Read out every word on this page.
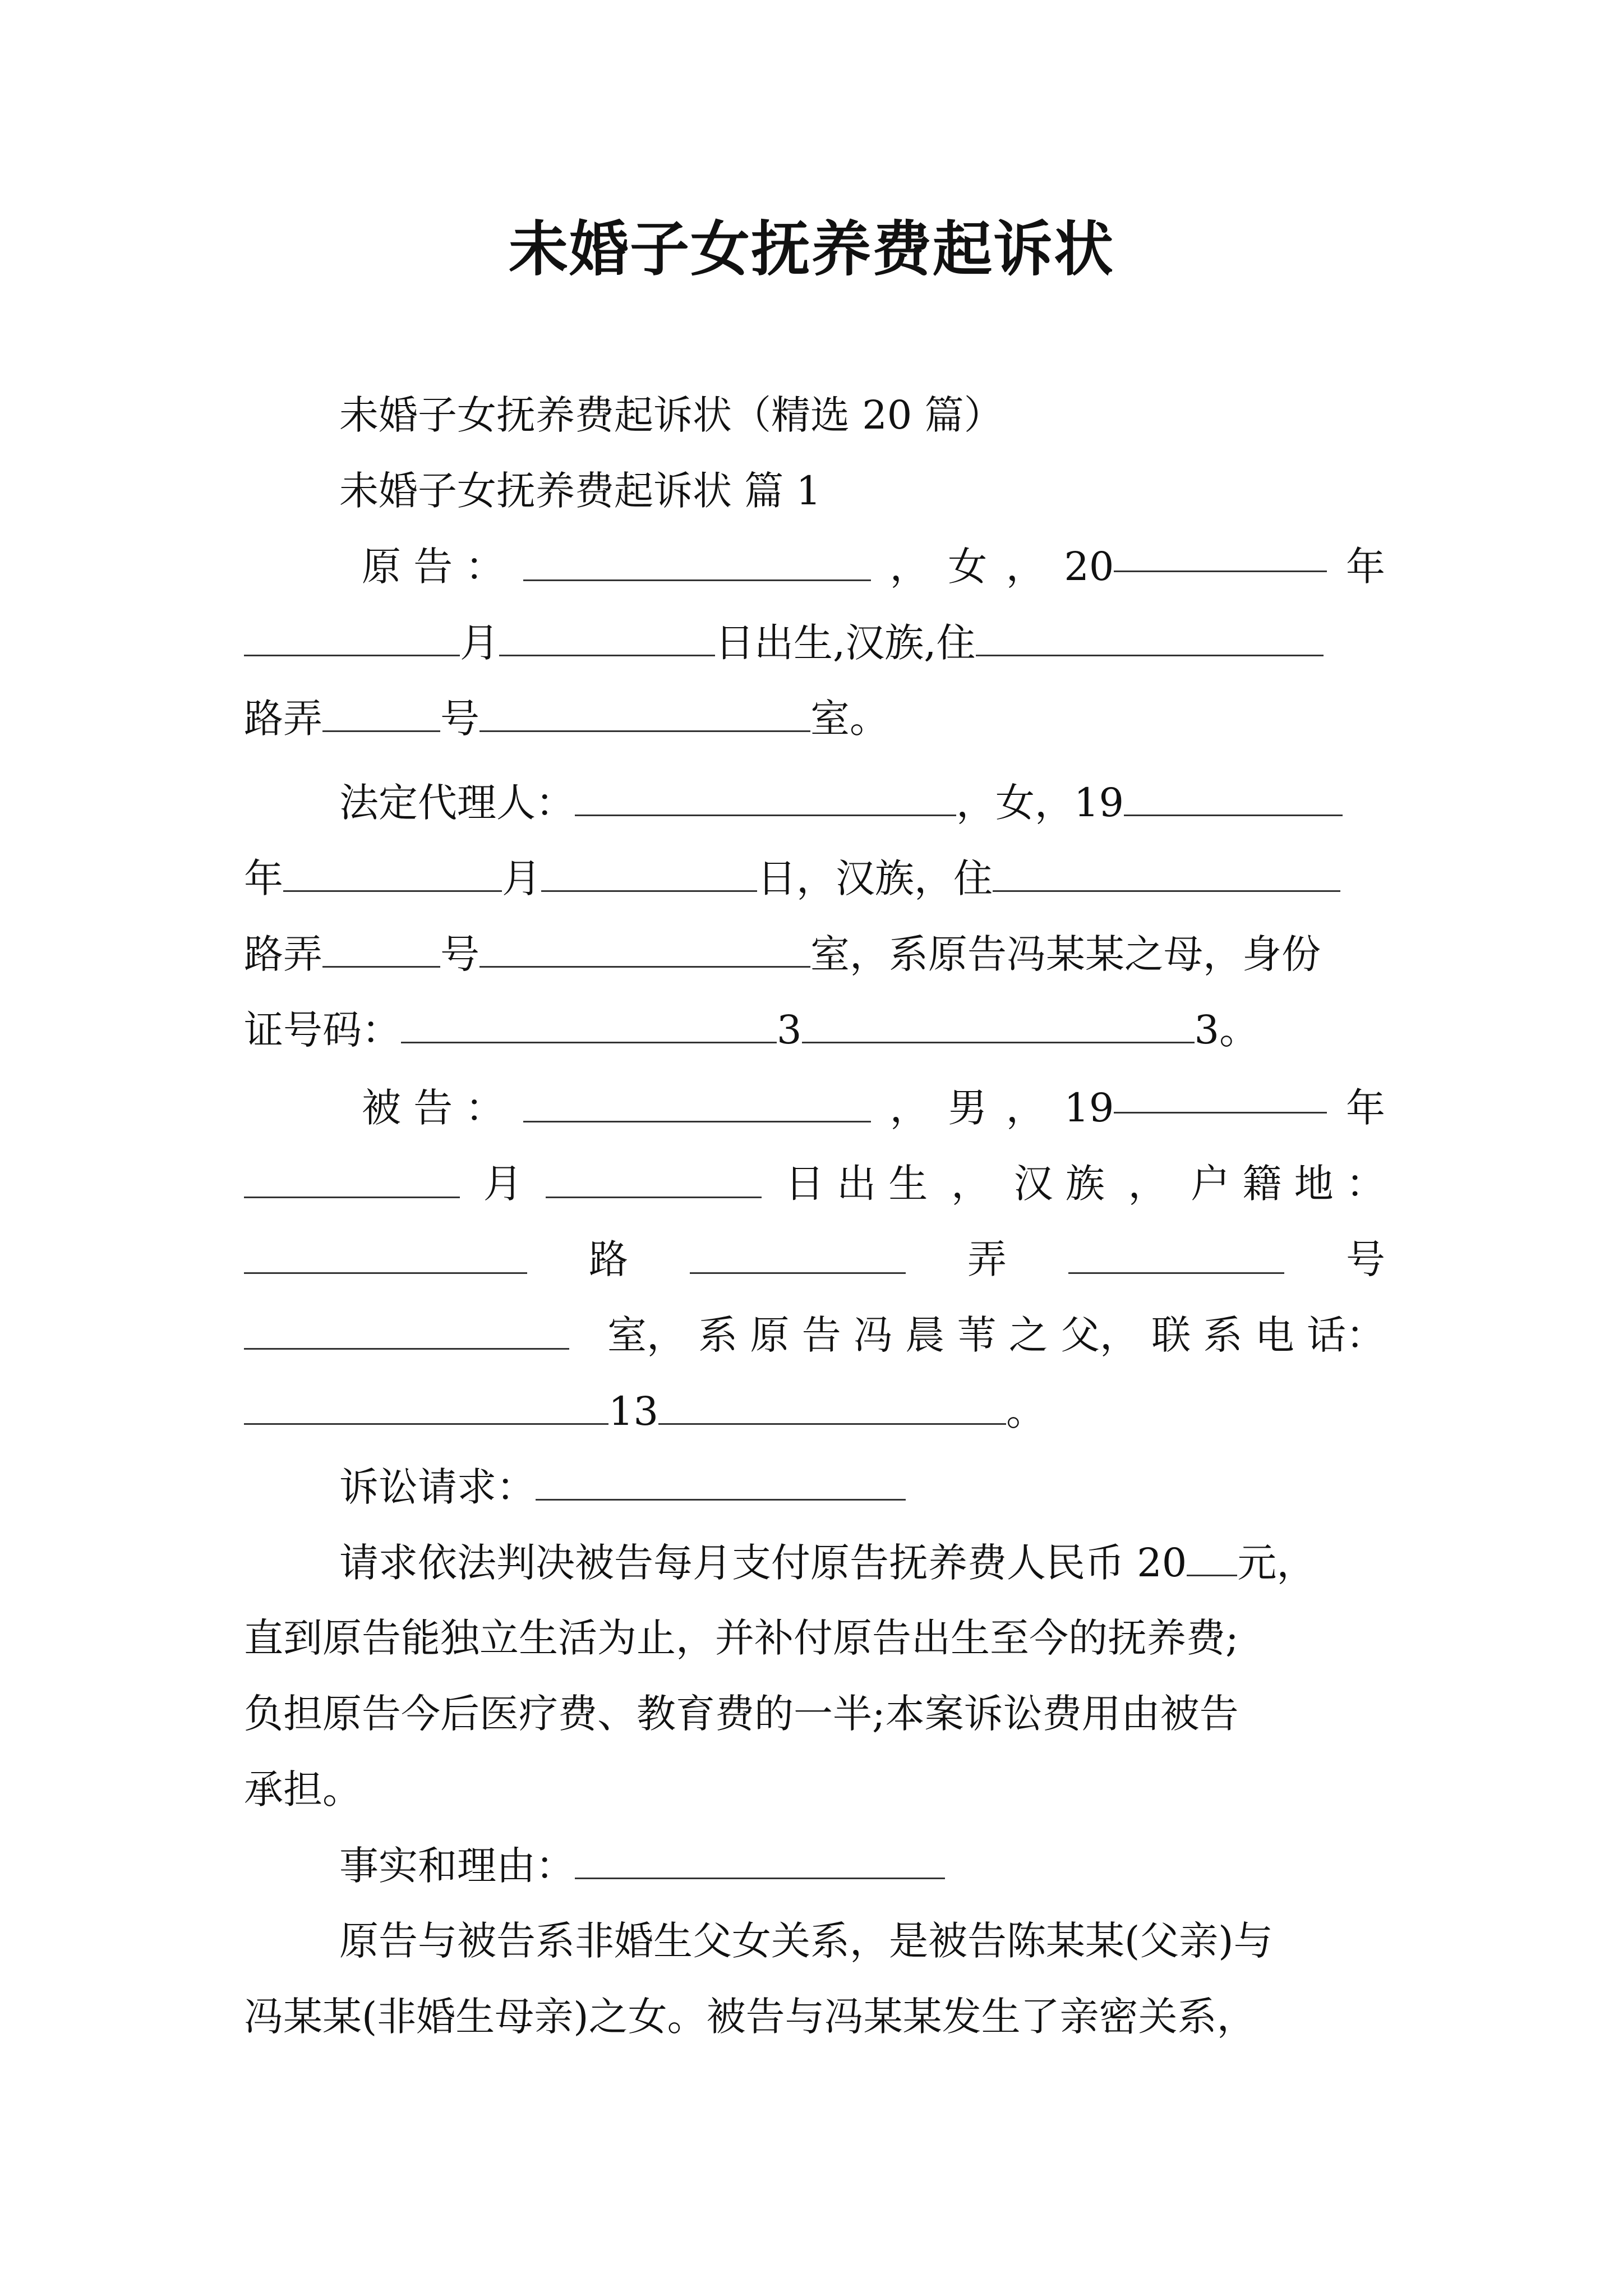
未婚子女抚养费起诉状
未婚子女抚养费起诉状（精选 20 篇）
未婚子女抚养费起诉状 篇 1
原 告 ：	， 女 ， 20	年
月	日出生,汉族,住
路弄	号	室。
法定代理人：	，女，19
年	月	日，汉族，住
路弄	号	室，系原告冯某某之母，身份
证号码：	3	3。
被 告 ：	， 男 ， 19	年
月	日 出 生 ， 汉 族 ， 户 籍 地 ：
路	弄	号
室， 系 原 告 冯 晨 苇 之 父， 联 系 电 话：
13	。
诉讼请求：
请求依法判决被告每月支付原告抚养费人民币 20 元，
直到原告能独立生活为止，并补付原告出生至今的抚养费;
负担原告今后医疗费、教育费的一半;本案诉讼费用由被告
承担。
事实和理由：
原告与被告系非婚生父女关系，是被告陈某某(父亲)与
冯某某(非婚生母亲)之女。被告与冯某某发生了亲密关系，
